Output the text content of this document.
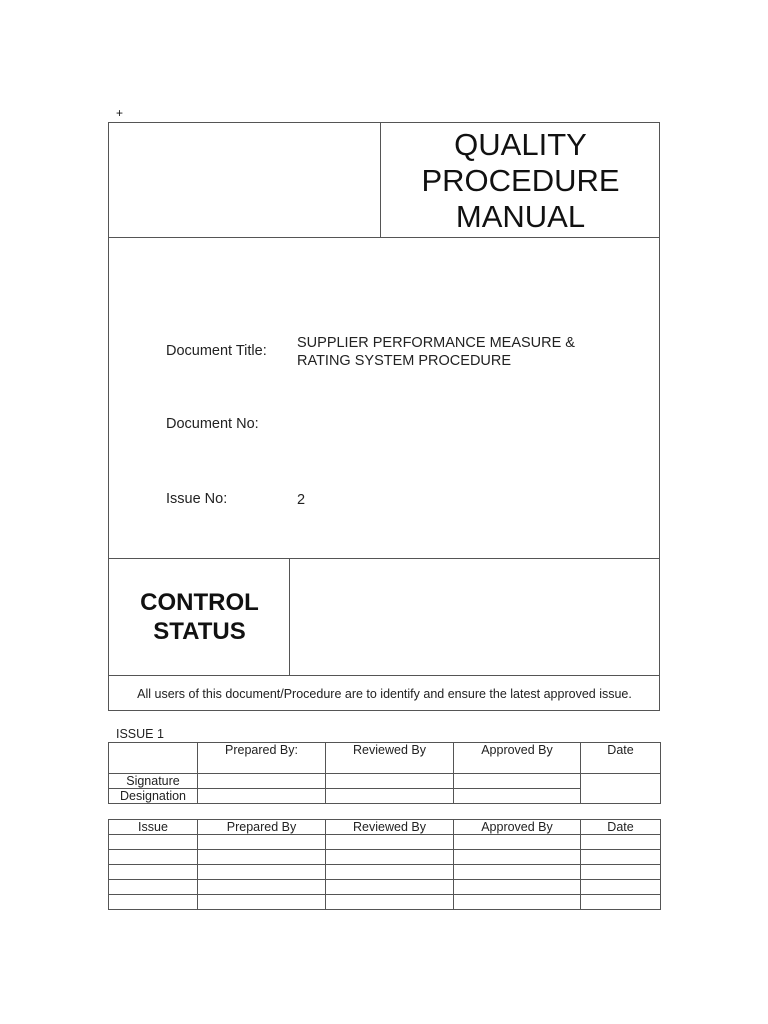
+
QUALITY
PROCEDURE
MANUAL
Document Title: SUPPLIER PERFORMANCE MEASURE &
RATING SYSTEM PROCEDURE
Document No:
Issue No:	2
CONTROL
STATUS
All users of this document/Procedure are to identify and ensure the latest approved issue.
ISSUE 1
	Prepared By:	Reviewed By	Approved By	Date
Signature				
Designation				
Issue	Prepared By	Reviewed By	Approved By	Date
